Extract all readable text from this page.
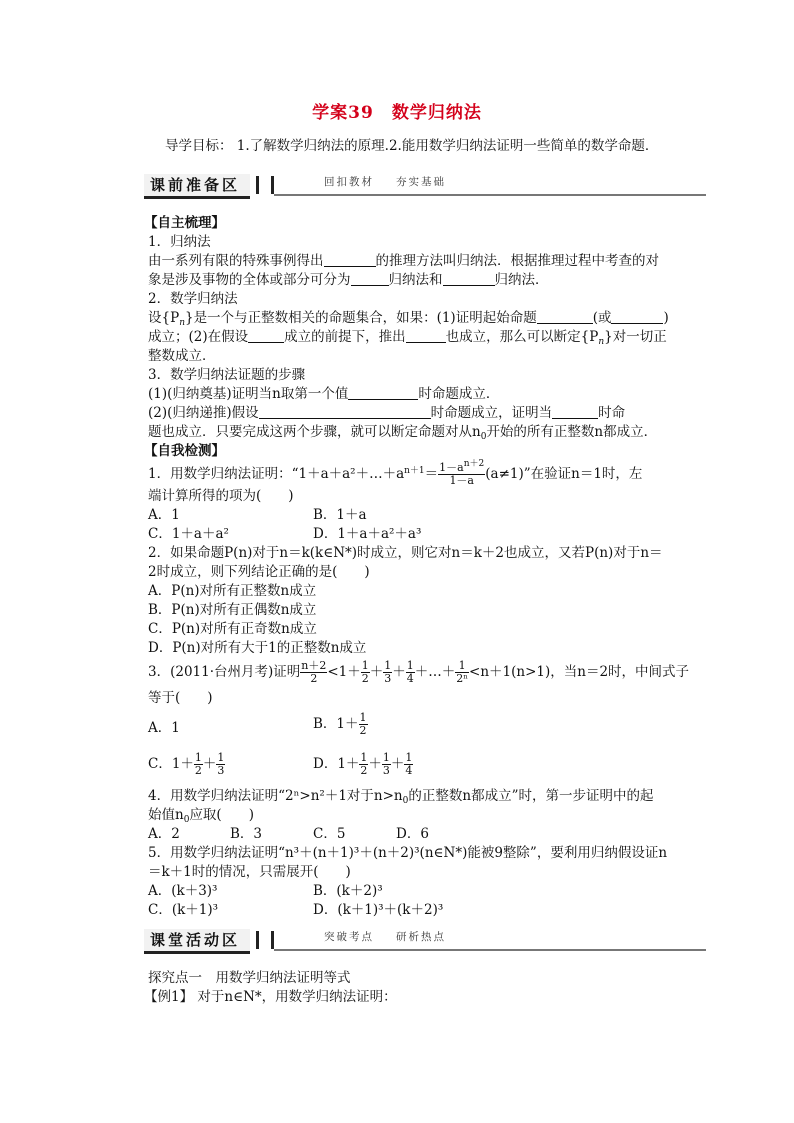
学案39 数学归纳法
导学目标： 1.了解数学归纳法的原理.2.能用数学归纳法证明一些简单的数学命题．
课前准备区	回扣教材 夯实基础
【自主梳理】
1．归纳法
由一系列有限的特殊事例得出	的推理方法叫归纳法．根据推理过程中考查的对
象是涉及事物的全体或部分可分为	归纳法和	归纳法．
2．数学归纳法
设$\{P_n\}$是一个与正整数相关的命题集合，如果：(1)证明起始命题	(或	)
成立；(2)在假设	成立的前提下，推出	也成立，那么可以断定$\{P_n\}$对一切正
整数成立．
3．数学归纳法证题的步骤
(1)(归纳奠基)证明当n取第一个值	时命题成立．
(2)(归纳递推)假设	时命题成立，证明当	时命
题也成立．只要完成这两个步骤，就可以断定命题对从$n_0$开始的所有正整数n都成立．
【自我检测】
1．用数学归纳法证明：“$1+a+a^2+\dots+a^{n+1}= \frac{1-a^{n+2}}{1-a} (a\ne 1)$”在验证n＝1时，左
端计算所得的项为(　　)
A．1	B．1＋a
C．1＋a＋a²	D．1＋a＋a²＋a³
2．如果命题P(n)对于n＝k(k∈N*)时成立，则它对n＝k＋2也成立，又若P(n)对于n＝
2时成立，则下列结论正确的是(　　)
A．P(n)对所有正整数n成立
B．P(n)对所有正偶数n成立
C．P(n)对所有正奇数n成立
D．P(n)对所有大于1的正整数n成立
3．(2011·台州月考)证明 $\frac{n+2}{2} <1+ \frac{1}{2} + \frac{1}{3} + \frac{1}{4}$ ＋…＋ $\frac{1}{\text{2ⁿ}} <n+1(n>1)$，当n＝2时，中间式子
等于(　　)
A．1	B．$1+ \frac{1}{2}$
C．$1+ \frac{1}{2} + \frac{1}{3}$	D．$1+ \frac{1}{2} + \frac{1}{3} + \frac{1}{4}$
4．用数学归纳法证明“2ⁿ>n²＋1对于$n>n_0$的正整数n都成立”时，第一步证明中的起
始值$n_0$应取(　　)
A．2	B．3	C．5	D．6
5．用数学归纳法证明“n³＋(n＋1)³＋(n＋2)³(n∈N*)能被9整除”，要利用归纳假设证n
＝k＋1时的情况，只需展开(　　)
A．(k＋3)³	B．(k＋2)³
C．(k＋1)³	D．(k＋1)³＋(k＋2)³
课堂活动区	突破考点 研析热点
探究点一　用数学归纳法证明等式
【例1】 对于n∈N*，用数学归纳法证明：
